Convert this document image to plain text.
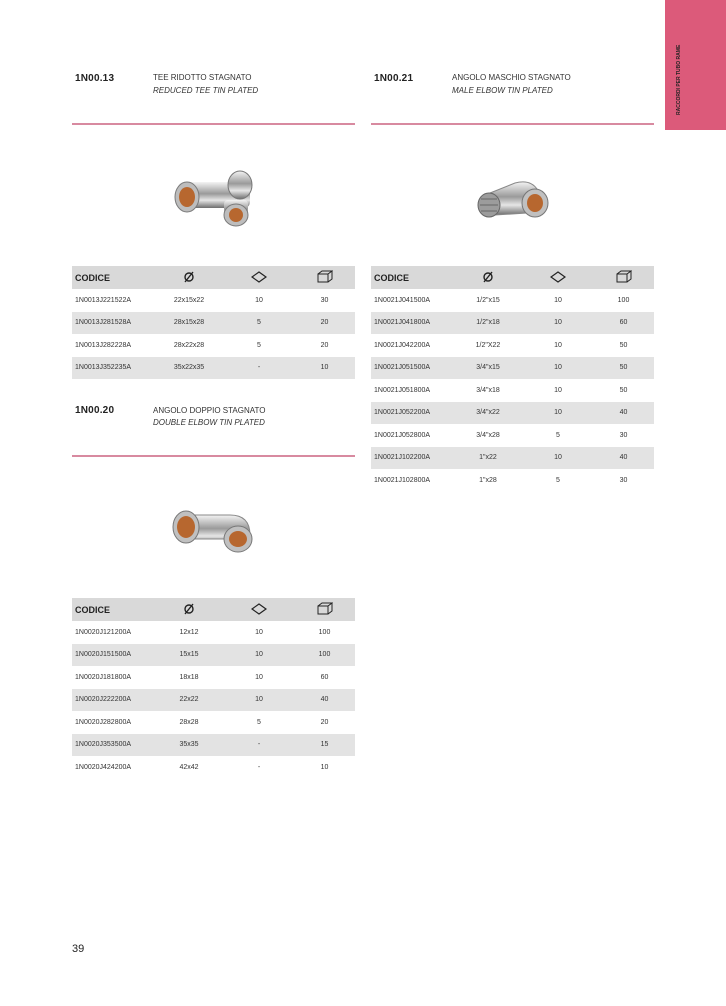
RACCORDI PER TUBO RAME
1N00.13	TEE RIDOTTO STAGNATO
REDUCED TEE TIN PLATED
CODICE			
1N0013J221522A	22x15x22	10	30
1N0013J281528A	28x15x28	5	20
1N0013J282228A	28x22x28	5	20
1N0013J352235A	35x22x35	-	10
1N00.20	ANGOLO DOPPIO STAGNATO
DOUBLE ELBOW TIN PLATED
CODICE			
1N0020J121200A	12x12	10	100
1N0020J151500A	15x15	10	100
1N0020J181800A	18x18	10	60
1N0020J222200A	22x22	10	40
1N0020J282800A	28x28	5	20
1N0020J353500A	35x35	-	15
1N0020J424200A	42x42	-	10
1N00.21	ANGOLO MASCHIO STAGNATO
MALE ELBOW TIN PLATED
CODICE			
1N0021J041500A	1/2"x15	10	100
1N0021J041800A	1/2"x18	10	60
1N0021J042200A	1/2"X22	10	50
1N0021J051500A	3/4"x15	10	50
1N0021J051800A	3/4"x18	10	50
1N0021J052200A	3/4"x22	10	40
1N0021J052800A	3/4"x28	5	30
1N0021J102200A	1"x22	10	40
1N0021J102800A	1"x28	5	30
39
